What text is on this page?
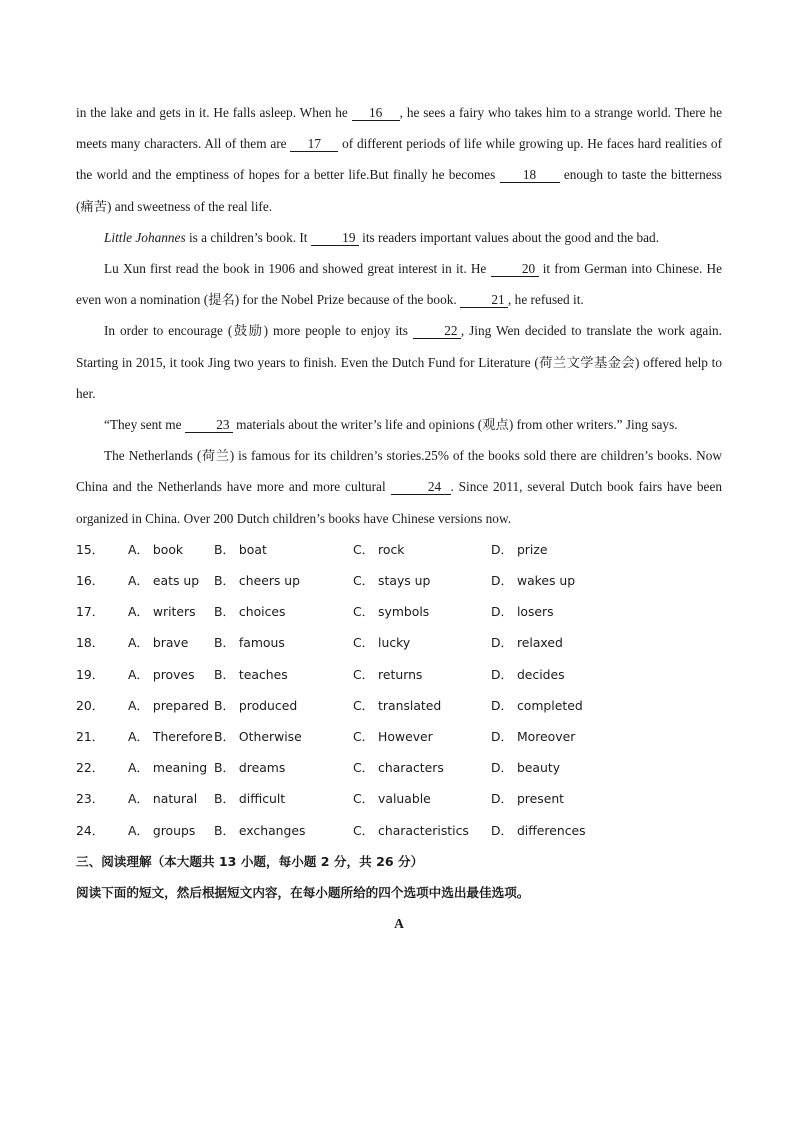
in the lake and gets in it. He falls asleep. When he 16 , he sees a fairy who takes him to a strange world. There he meets many characters. All of them are 17 of different periods of life while growing up. He faces hard realities of the world and the emptiness of hopes for a better life.But finally he becomes 18 enough to taste the bitterness (痛苦) and sweetness of the real life.

Little Johannes is a children’s book. It 19 its readers important values about the good and the bad.

Lu Xun first read the book in 1906 and showed great interest in it. He 20 it from German into Chinese. He even won a nomination (提名) for the Nobel Prize because of the book. 21 , he refused it.

In order to encourage (鼓励) more people to enjoy its 22 , Jing Wen decided to translate the work again. Starting in 2015, it took Jing two years to finish. Even the Dutch Fund for Literature (荷兰文学基金会) offered help to her.

“They sent me 23 materials about the writer’s life and opinions (观点) from other writers.” Jing says.

The Netherlands (荷兰) is famous for its children’s stories.25% of the books sold there are children’s books. Now China and the Netherlands have more and more cultural	24 . Since 2011, several Dutch book fairs have been organized in China. Over 200 Dutch children’s books have Chinese versions now.

15．	A． book	B． boat	C． rock	D． prize
16．	A． eats up	B． cheers up	C． stays up	D． wakes up
17．	A． writers	B． choices	C． symbols	D． losers
18．	A． brave	B． famous	C． lucky	D． relaxed
19．	A． proves	B． teaches	C． returns	D． decides
20．	A． prepared B． produced	C． translated	D． completed
21．	A． Therefore B． Otherwise	C． However	D． Moreover
22．	A． meaning B． dreams	C． characters	D． beauty
23．	A． natural	B． difficult	C． valuable	D． present
24．	A． groups	B． exchanges	C． characteristics	D． differences

三、阅读理解（本大题共 13 小题，每小题 2 分，共 26 分）

阅读下面的短文，然后根据短文内容，在每小题所给的四个选项中选出最佳选项。

A
